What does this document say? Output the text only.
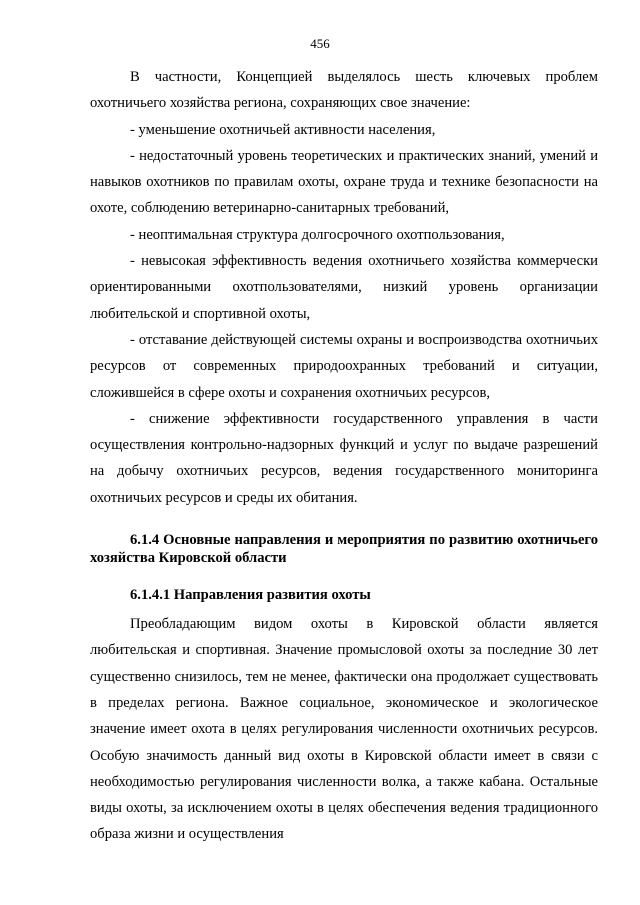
456

В частности, Концепцией выделялось шесть ключевых проблем охотничьего хозяйства региона, сохраняющих свое значение:

- уменьшение охотничьей активности населения,

- недостаточный уровень теоретических и практических знаний, умений и навыков охотников по правилам охоты, охране труда и технике безопасности на охоте, соблюдению ветеринарно-санитарных требований,

- неоптимальная структура долгосрочного охотпользования,

- невысокая эффективность ведения охотничьего хозяйства коммерчески ориентированными охотпользователями, низкий уровень организации любительской и спортивной охоты,

- отставание действующей системы охраны и воспроизводства охотничьих ресурсов от современных природоохранных требований и ситуации, сложившейся в сфере охоты и сохранения охотничьих ресурсов,

- снижение эффективности государственного управления в части осуществления контрольно-надзорных функций и услуг по выдаче разрешений на добычу охотничьих ресурсов, ведения государственного мониторинга охотничьих ресурсов и среды их обитания.

6.1.4 Основные направления и мероприятия по развитию охотничьего хозяйства Кировской области
6.1.4.1 Направления развития охоты

Преобладающим видом охоты в Кировской области является любительская и спортивная. Значение промысловой охоты за последние 30 лет существенно снизилось, тем не менее, фактически она продолжает существовать в пределах региона. Важное социальное, экономическое и экологическое значение имеет охота в целях регулирования численности охотничьих ресурсов. Особую значимость данный вид охоты в Кировской области имеет в связи с необходимостью регулирования численности волка, а также кабана. Остальные виды охоты, за исключением охоты в целях обеспечения ведения традиционного образа жизни и осуществления
